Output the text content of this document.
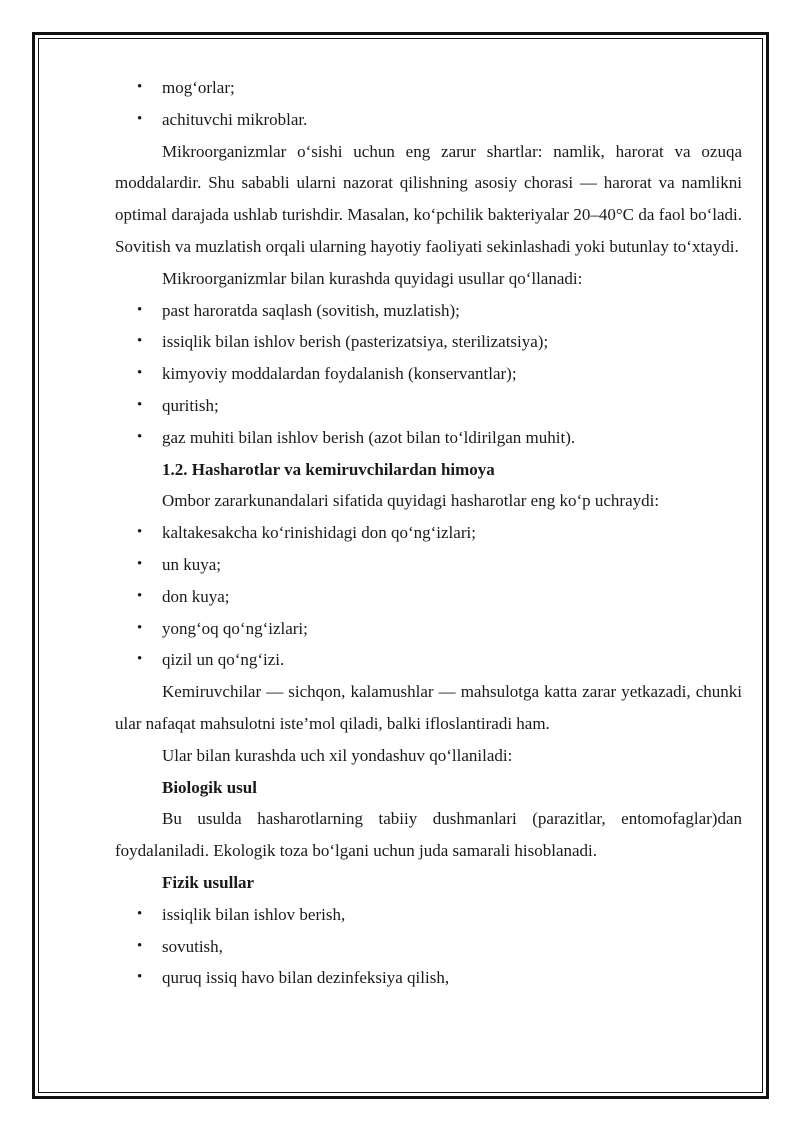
• mog‘orlar;
• achituvchi mikroblar.

Mikroorganizmlar o‘sishi uchun eng zarur shartlar: namlik, harorat va ozuqa moddalardir. Shu sababli ularni nazorat qilishning asosiy chorasi — harorat va namlikni optimal darajada ushlab turishdir. Masalan, ko‘pchilik bakteriyalar 20–40°C da faol bo‘ladi. Sovitish va muzlatish orqali ularning hayotiy faoliyati sekinlashadi yoki butunlay to‘xtaydi.

Mikroorganizmlar bilan kurashda quyidagi usullar qo‘llanadi:

• past haroratda saqlash (sovitish, muzlatish);
• issiqlik bilan ishlov berish (pasterizatsiya, sterilizatsiya);
• kimyoviy moddalardan foydalanish (konservantlar);
• quritish;
• gaz muhiti bilan ishlov berish (azot bilan to‘ldirilgan muhit).

1.2. Hasharotlar va kemiruvchilardan himoya

Ombor zararkunandalari sifatida quyidagi hasharotlar eng ko‘p uchraydi:

• kaltakesakcha ko‘rinishidagi don qo‘ng‘izlari;
• un kuya;
• don kuya;
• yong‘oq qo‘ng‘izlari;
• qizil un qo‘ng‘izi.

Kemiruvchilar — sichqon, kalamushlar — mahsulotga katta zarar yetkazadi, chunki ular nafaqat mahsulotni iste’mol qiladi, balki ifloslantiradi ham.

Ular bilan kurashda uch xil yondashuv qo‘llaniladi:

Biologik usul

Bu usulda hasharotlarning tabiiy dushmanlari (parazitlar, entomofaglar)dan foydalaniladi. Ekologik toza bo‘lgani uchun juda samarali hisoblanadi.

Fizik usullar

• issiqlik bilan ishlov berish,
• sovutish,
• quruq issiq havo bilan dezinfeksiya qilish,
